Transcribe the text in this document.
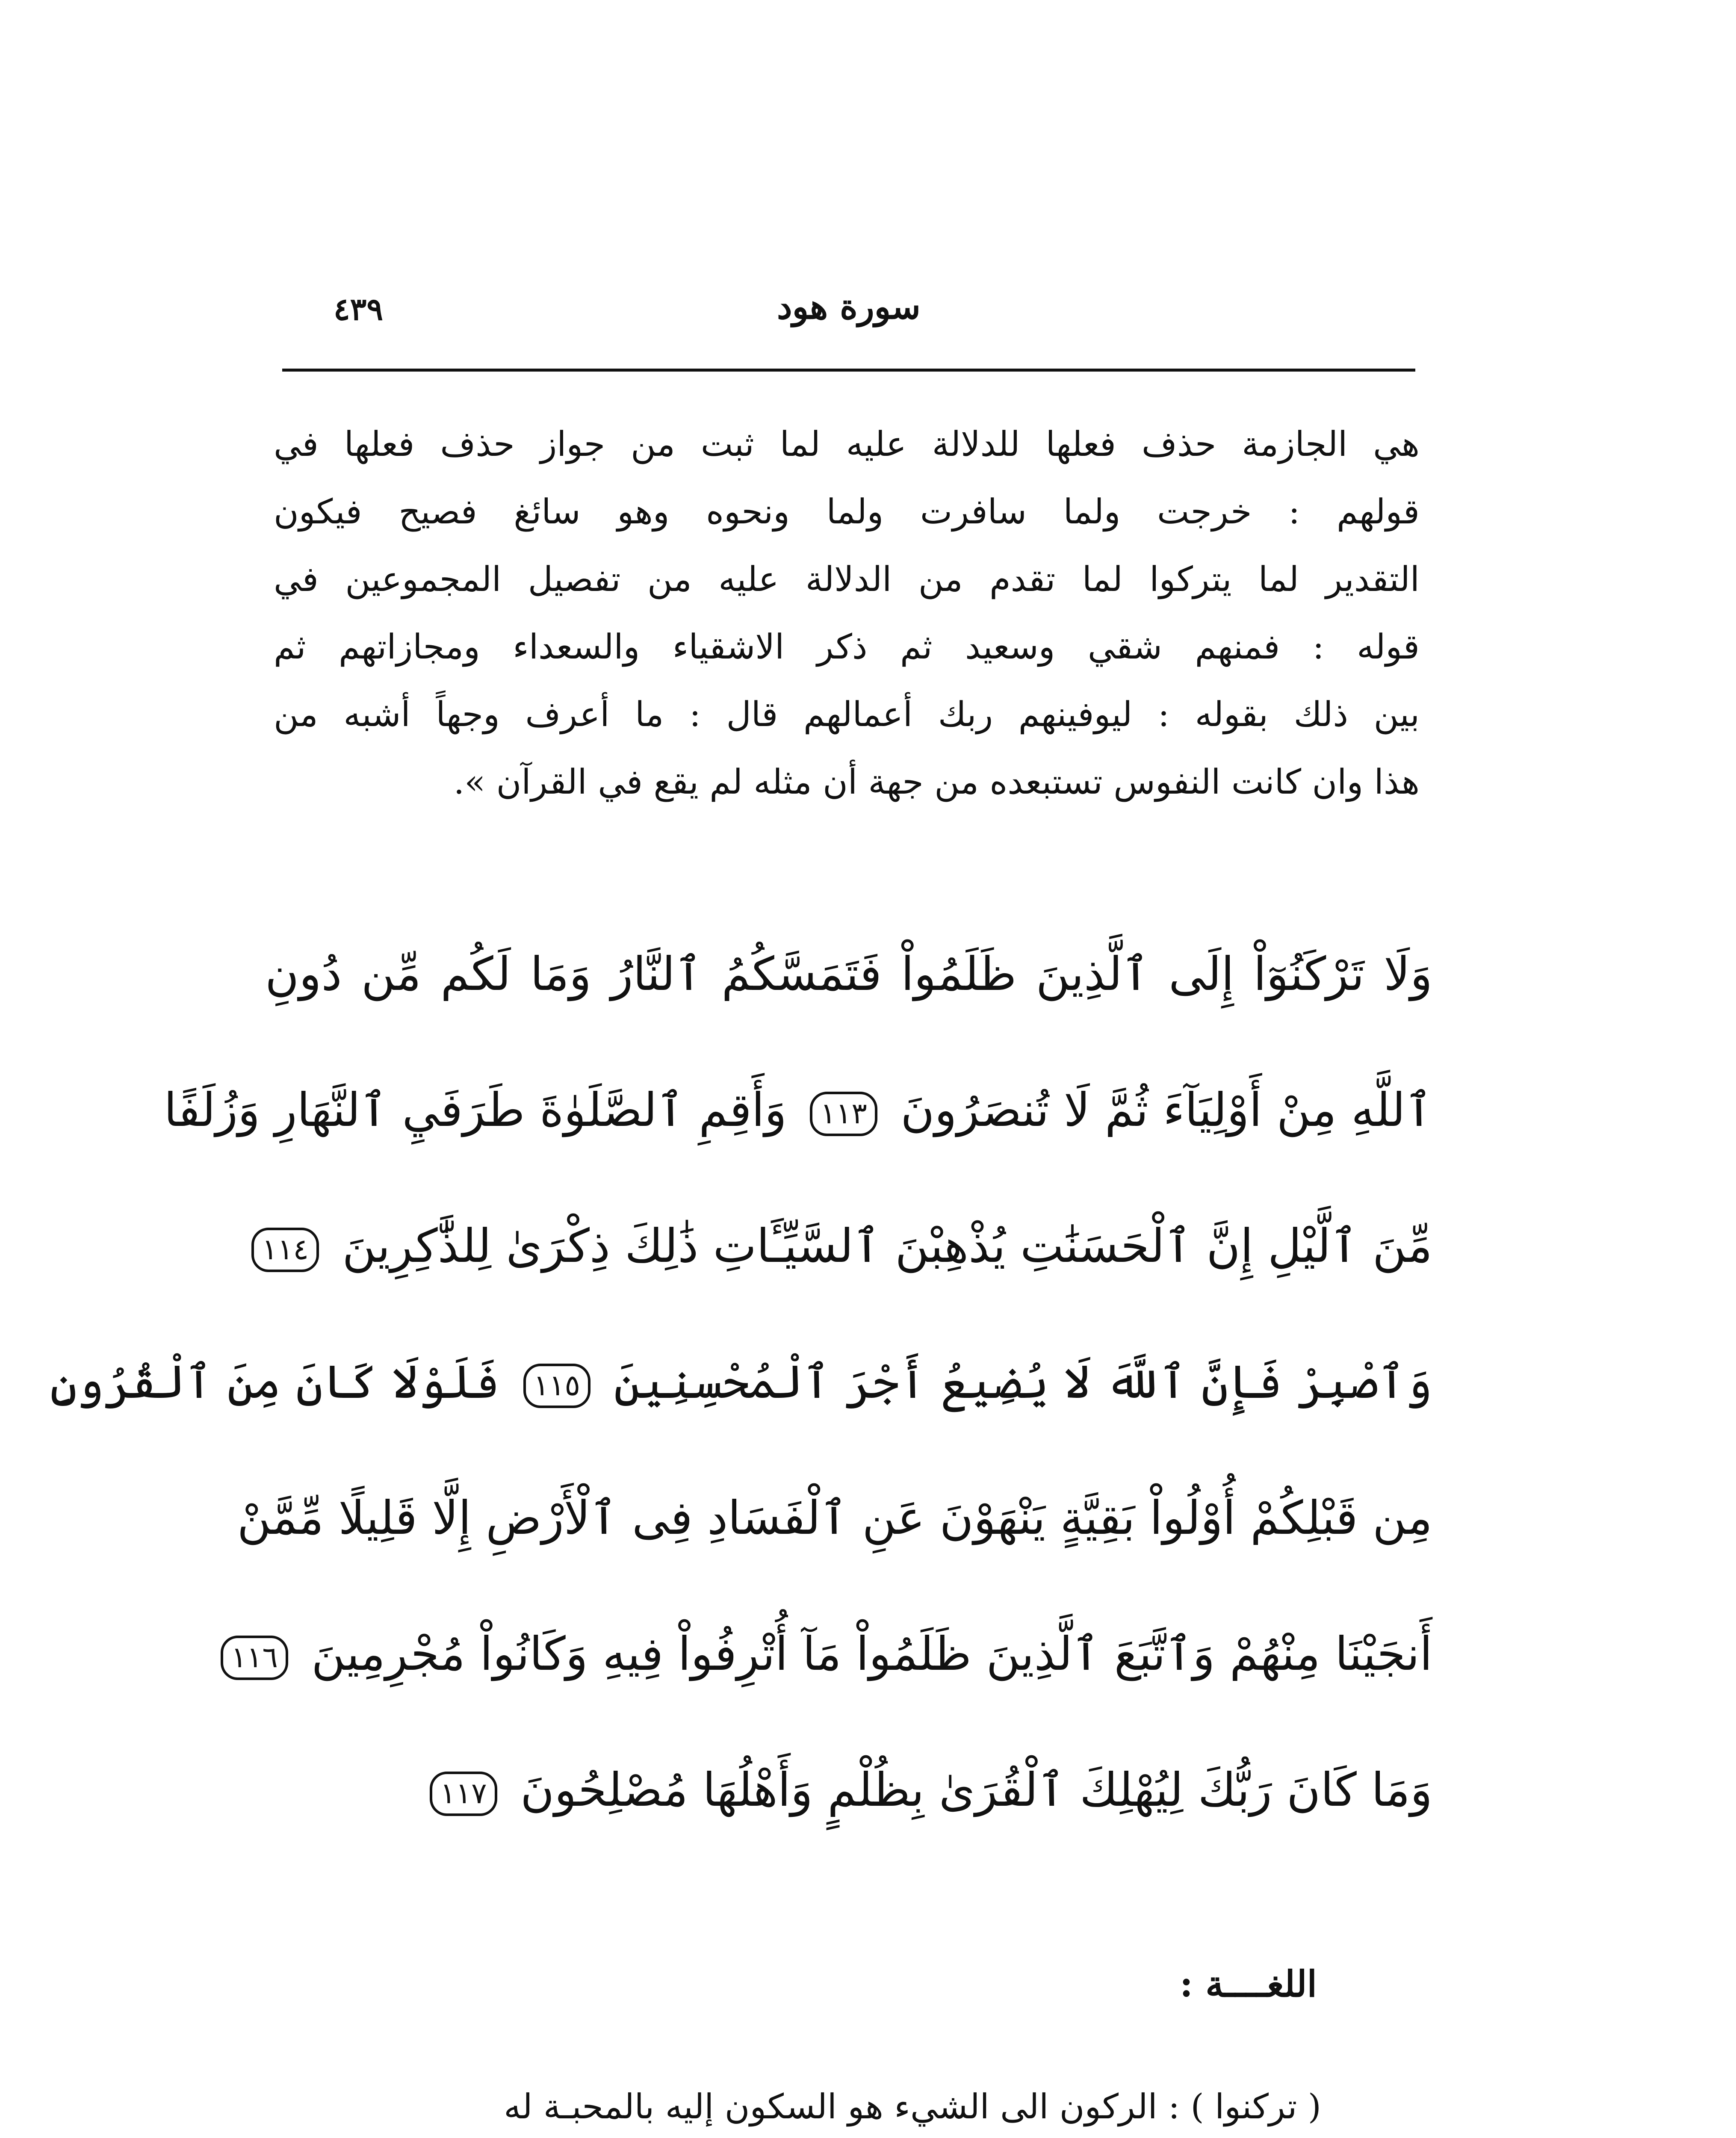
٤٣٩	سورة هود
هي الجازمة حذف فعلها للدلالة عليه لما ثبت من جواز حذف فعلها في
قولهم : خرجت ولما سافرت ولما ونحوه وهو سائغ فصيح فيكون
التقدير لما يتركوا لما تقدم من الدلالة عليه من تفصيل المجموعين في
قوله : فمنهم شقي وسعيد ثم ذكر الاشقياء والسعداء ومجازاتهم ثم
بين ذلك بقوله : ليوفينهم ربك أعمالهم قال : ما أعرف وجهاً أشبه من
هذا وان كانت النفوس تستبعده من جهة أن مثله لم يقع في القرآن ».
وَلَا تَرْكَنُوٓاْ إِلَى ٱلَّذِينَ ظَلَمُواْ فَتَمَسَّكُمُ ٱلنَّارُ وَمَا لَكُم مِّن دُونِ
ٱللَّهِ مِنْ أَوْلِيَآءَ ثُمَّ لَا تُنصَرُونَ ١١٣ وَأَقِمِ ٱلصَّلَوٰةَ طَرَفَيِ ٱلنَّهَارِ وَزُلَفًا
مِّنَ ٱلَّيْلِ إِنَّ ٱلْحَسَنَٰتِ يُذْهِبْنَ ٱلسَّيِّـَٔاتِ ذَٰلِكَ ذِكْرَىٰ لِلذَّٰكِرِينَ ١١٤
وَٱصْبِرْ فَإِنَّ ٱللَّهَ لَا يُضِيعُ أَجْرَ ٱلْمُحْسِنِينَ ١١٥ فَلَوْلَا كَانَ مِنَ ٱلْقُرُونِ
مِن قَبْلِكُمْ أُوْلُواْ بَقِيَّةٍ يَنْهَوْنَ عَنِ ٱلْفَسَادِ فِى ٱلْأَرْضِ إِلَّا قَلِيلًا مِّمَّنْ
أَنجَيْنَا مِنْهُمْ وَٱتَّبَعَ ٱلَّذِينَ ظَلَمُواْ مَآ أُتْرِفُواْ فِيهِ وَكَانُواْ مُجْرِمِينَ ١١٦
وَمَا كَانَ رَبُّكَ لِيُهْلِكَ ٱلْقُرَىٰ بِظُلْمٍ وَأَهْلُهَا مُصْلِحُونَ ١١٧
اللغــــة :
( تركنوا ) : الركون الى الشيء هو السكون إليه بالمحبـة له
